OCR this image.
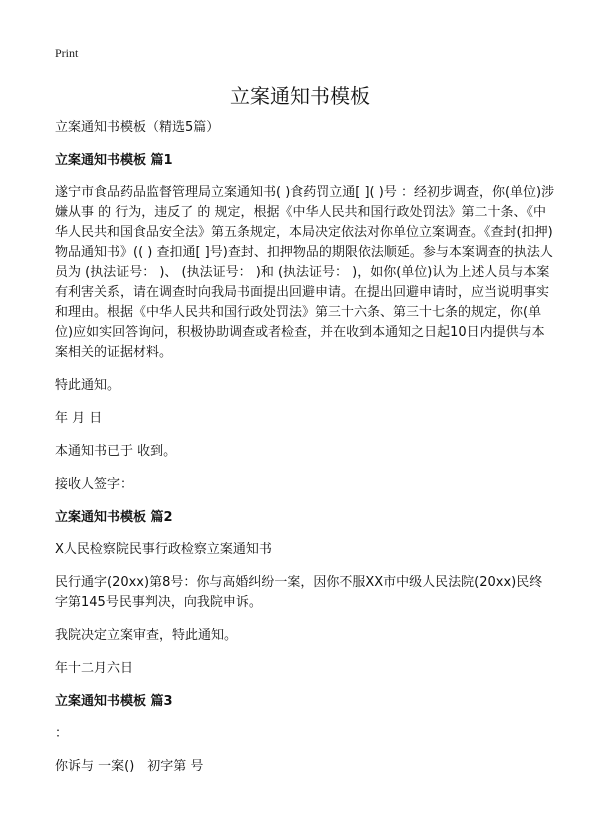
Print
立案通知书模板

立案通知书模板（精选5篇）

立案通知书模板 篇1

遂宁市食品药品监督管理局立案通知书( )食药罚立通[ ]( )号 ：经初步调查，你(单位)涉嫌从事 的 行为，违反了 的 规定，根据《中华人民共和国行政处罚法》第二十条、《中华人民共和国食品安全法》第五条规定，本局决定依法对你单位立案调查。《查封(扣押)物品通知书》(( ) 查扣通[ ]号)查封、扣押物品的期限依法顺延。参与本案调查的执法人员为 (执法证号： )、 (执法证号： )和 (执法证号： )，如你(单位)认为上述人员与本案有利害关系，请在调查时向我局书面提出回避申请。在提出回避申请时，应当说明事实和理由。根据《中华人民共和国行政处罚法》第三十六条、第三十七条的规定，你(单位)应如实回答询问，积极协助调查或者检查，并在收到本通知之日起10日内提供与本案相关的证据材料。

特此通知。

年 月 日

本通知书已于 收到。

接收人签字：

立案通知书模板 篇2

X人民检察院民事行政检察立案通知书

民行通字(20xx)第8号：你与高婚纠纷一案，因你不服XX市中级人民法院(20xx)民终字第145号民事判决，向我院申诉。

我院决定立案审查，特此通知。

年十二月六日

立案通知书模板 篇3

：

你诉与 一案()　初字第 号
